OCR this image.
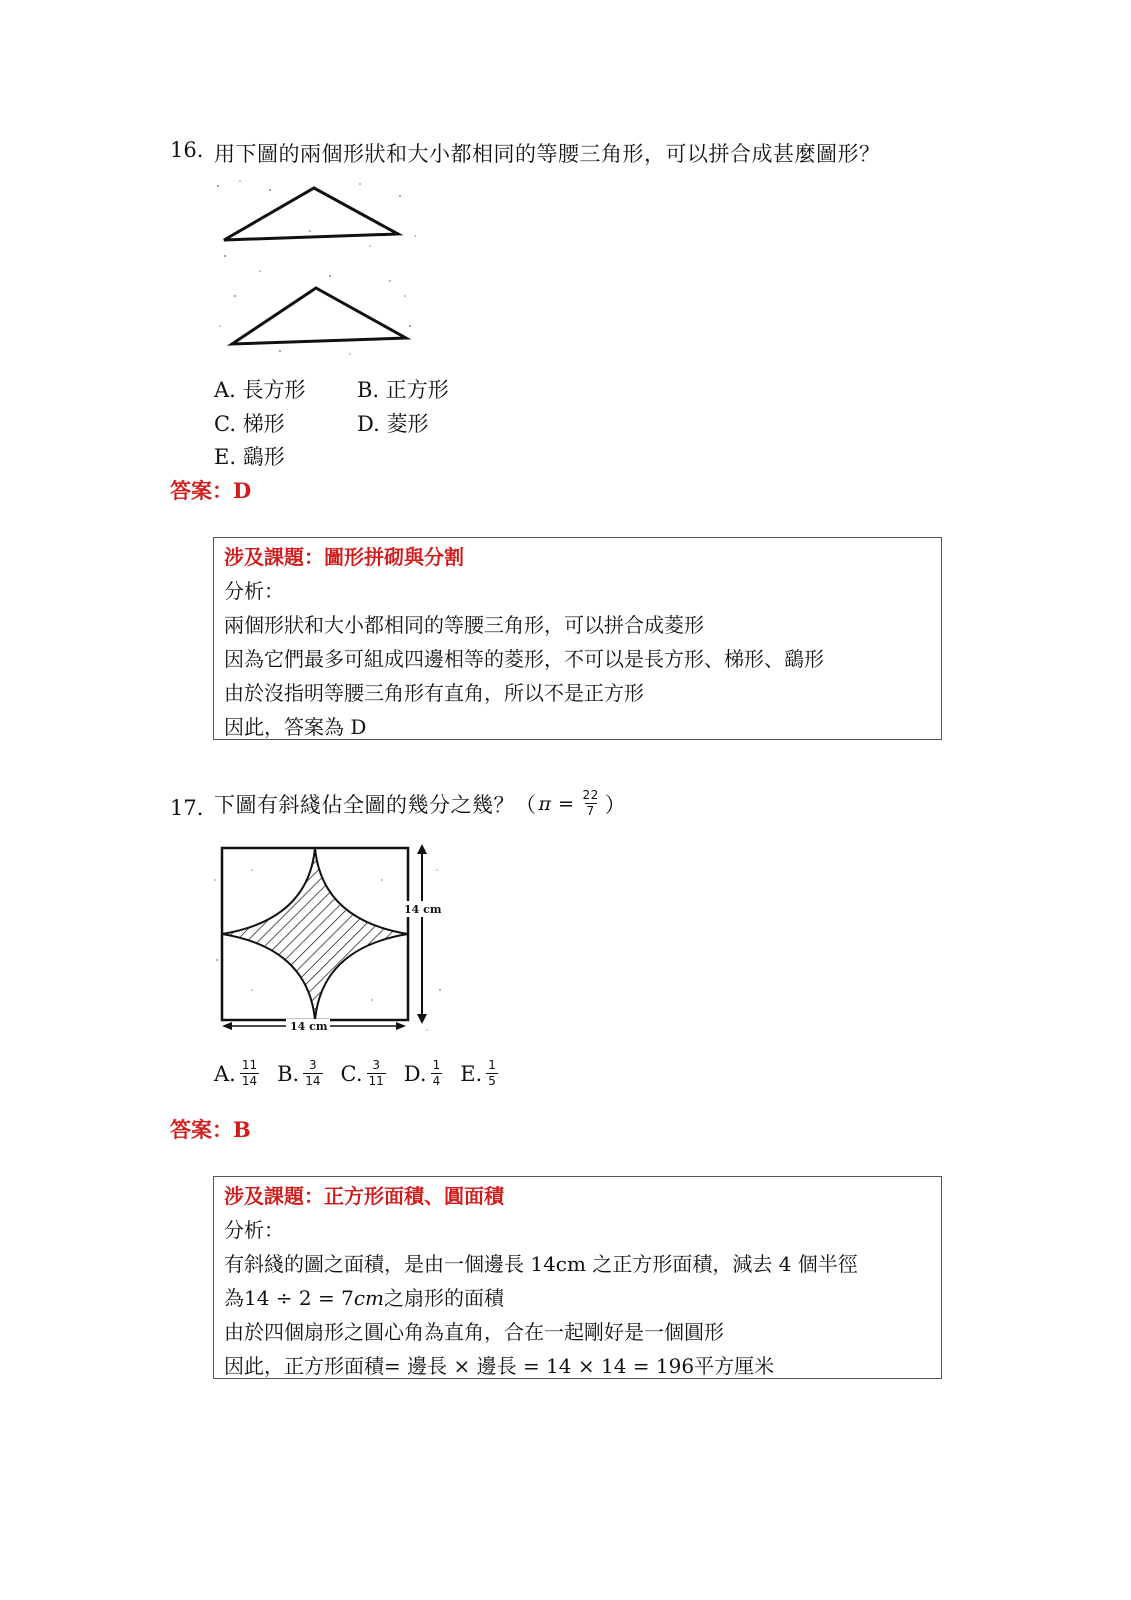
16. 用下圖的兩個形狀和大小都相同的等腰三角形，可以拼合成甚麼圖形？
A. 長方形 B. 正方形
C. 梯形	D. 菱形
E. 鷂形
答案：D
涉及課題：圖形拼砌與分割
分析：
兩個形狀和大小都相同的等腰三角形，可以拼合成菱形
因為它們最多可組成四邊相等的菱形，不可以是長方形、梯形、鷂形
由於沒指明等腰三角形有直角，所以不是正方形
因此，答案為 D
17. 下圖有斜綫佔全圖的幾分之幾？（ $\pi = \frac{22}{7}$ ）
14 cm
14 cm
A. $\frac{11}{14} B$. $\frac{3}{14} C$. $\frac{3}{11} D$. $\frac{1}{4} E$. $\frac{1}{5}$
答案：B
涉及課題：正方形面積、圓面積
分析：
有斜綫的圖之面積，是由一個邊長 14cm 之正方形面積，減去 4 個半徑
為14 ÷ 2 = 7cm之扇形的面積
由於四個扇形之圓心角為直角，合在一起剛好是一個圓形
因此，正方形面積= 邊長 × 邊長 = 14 × 14 = 196平方厘米
